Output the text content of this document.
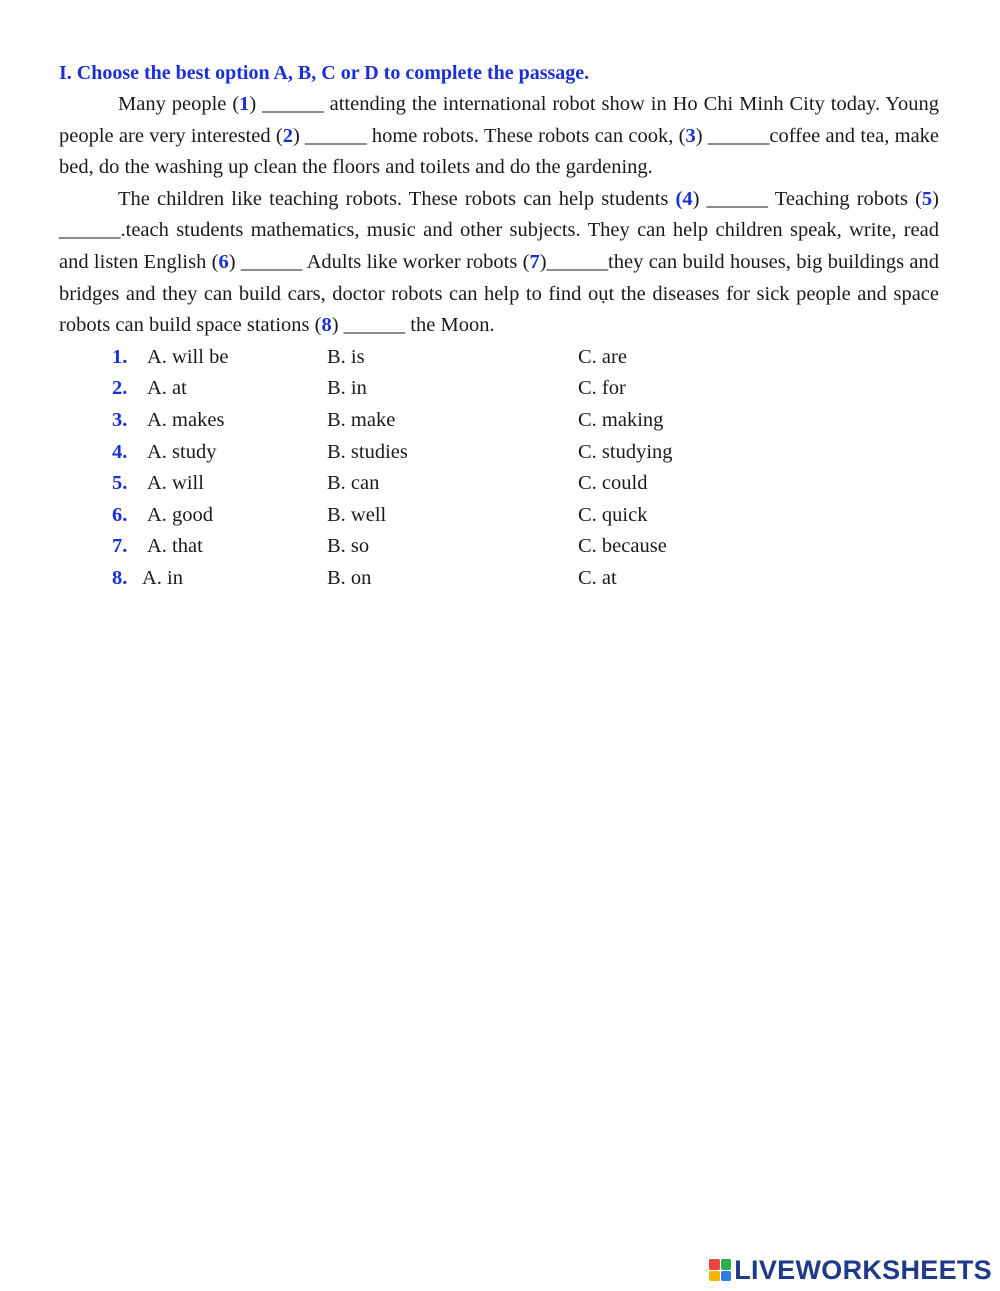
I. Choose the best option A, B, C or D to complete the passage.

Many people (1) ______ attending the international robot show in Ho Chi Minh City today. Young people are very interested (2) ______ home robots. These robots can cook, (3) ______coffee and tea, make bed, do the washing up clean the floors and toilets and do the gardening.

The children like teaching robots. These robots can help students (4) ______ Teaching robots (5) ______.teach students mathematics, music and other subjects. They can help children speak, write, read and listen English (6) ______ Adults like worker robots (7)______they can build houses, big buildings and bridges and they can build cars, doctor robots can help to find oụt the diseases for sick people and space robots can build space stations (8) ______ the Moon.

1. A. will be	B. is	C. are
2. A. at	B. in	C. for
3. A. makes	B. make	C. making
4. A. study	B. studies	C. studying
5. A. will	B. can	C. could
6. A. good	B. well	C. quick
7. A. that	B. so	C. because
8. A. in	B. on	C. at
LIVEWORKSHEETS
